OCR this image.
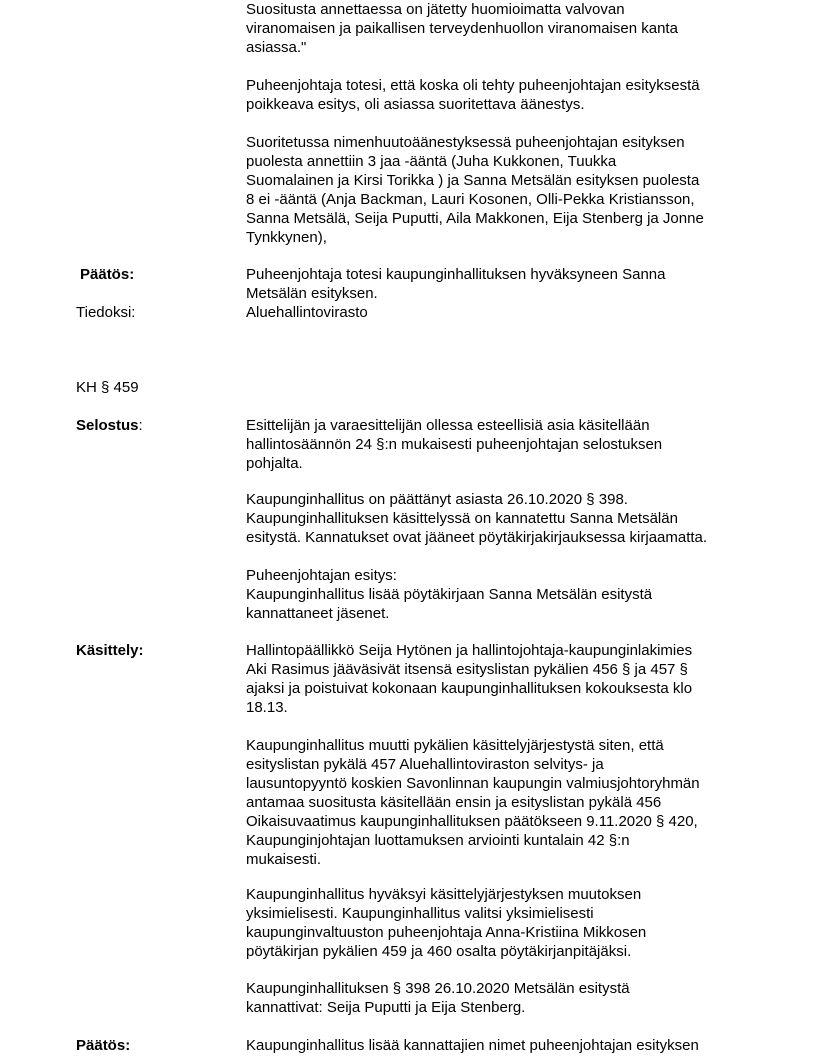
Suositusta annettaessa on jätetty huomioimatta valvovan
viranomaisen ja paikallisen terveydenhuollon viranomaisen kanta
asiassa."
Puheenjohtaja totesi, että koska oli tehty puheenjohtajan esityksestä
poikkeava esitys, oli asiassa suoritettava äänestys.
Suoritetussa nimenhuutoäänestyksessä puheenjohtajan esityksen
puolesta annettiin 3 jaa -ääntä (Juha Kukkonen, Tuukka
Suomalainen ja Kirsi Torikka ) ja Sanna Metsälän esityksen puolesta
8 ei -ääntä (Anja Backman, Lauri Kosonen, Olli-Pekka Kristiansson,
Sanna Metsälä, Seija Puputti, Aila Makkonen, Eija Stenberg ja Jonne
Tynkkynen),
Päätös:	Puheenjohtaja totesi kaupunginhallituksen hyväksyneen Sanna
Metsälän esityksen.
Tiedoksi:	Aluehallintovirasto
KH § 459
Selostus:	Esittelijän ja varaesittelijän ollessa esteellisiä asia käsitellään
hallintosäännön 24 §:n mukaisesti puheenjohtajan selostuksen
pohjalta.
Kaupunginhallitus on päättänyt asiasta 26.10.2020 § 398.
Kaupunginhallituksen käsittelyssä on kannatettu Sanna Metsälän
esitystä. Kannatukset ovat jääneet pöytäkirjakirjauksessa kirjaamatta.
Puheenjohtajan esitys:
Kaupunginhallitus lisää pöytäkirjaan Sanna Metsälän esitystä
kannattaneet jäsenet.
Käsittely:	Hallintopäällikkö Seija Hytönen ja hallintojohtaja-kaupunginlakimies
Aki Rasimus jääväsivät itsensä esityslistan pykälien 456 § ja 457 §
ajaksi ja poistuivat kokonaan kaupunginhallituksen kokouksesta klo
18.13.
Kaupunginhallitus muutti pykälien käsittelyjärjestystä siten, että
esityslistan pykälä 457 Aluehallintoviraston selvitys- ja
lausuntopyyntö koskien Savonlinnan kaupungin valmiusjohtoryhmän
antamaa suositusta käsitellään ensin ja esityslistan pykälä 456
Oikaisuvaatimus kaupunginhallituksen päätökseen 9.11.2020 § 420,
Kaupunginjohtajan luottamuksen arviointi kuntalain 42 §:n
mukaisesti.
Kaupunginhallitus hyväksyi käsittelyjärjestyksen muutoksen
yksimielisesti. Kaupunginhallitus valitsi yksimielisesti
kaupunginvaltuuston puheenjohtaja Anna-Kristiina Mikkosen
pöytäkirjan pykälien 459 ja 460 osalta pöytäkirjanpitäjäksi.
Kaupunginhallituksen § 398 26.10.2020 Metsälän esitystä
kannattivat: Seija Puputti ja Eija Stenberg.
Päätös:	Kaupunginhallitus lisää kannattajien nimet puheenjohtajan esityksen
